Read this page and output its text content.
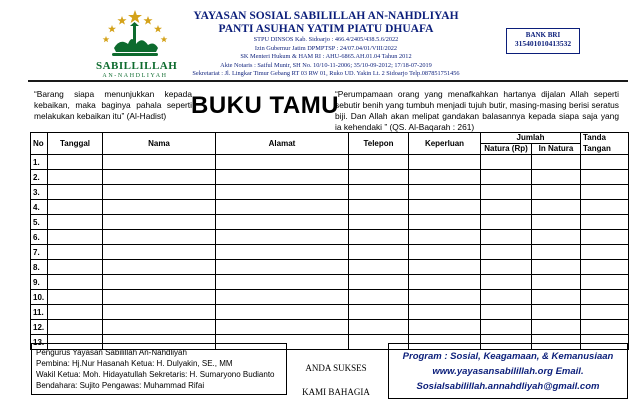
SABILLILLAH
AN-NAHDLIYAH
YAYASAN SOSIAL SABILILLAH AN-NAHDLIYAH
PANTI ASUHAN YATIM PIATU DHUAFA
STPU DINSOS Kab. Sidoarjo : 466.4/2405/438.5.6/2022
Izin Gubernur Jatim DPMPTSP : 24/07.04/01/VIII/2022
SK Menteri Hukum & HAM RI : AHU-6865.AH.01.04 Tahun 2012
Akte Notaris : Saiful Munir, SH No. 10/10-11-2006; 35/10-09-2012; 17/18-07-2019
Sekretariat : Jl. Lingkar Timur Gebang RT 03 RW 01, Ruko UD. Yakin Lt. 2 Sidoarjo Telp.087851751456
BANK BRI
315401010413532
“Barang siapa menunjukkan kepada kebaikan, maka baginya pahala seperti melakukan kebaikan itu” (Al-Hadist)	BUKU TAMU
“Perumpamaan orang yang menafkahkan hartanya dijalan Allah seperti sebutir benih yang tumbuh menjadi tujuh butir, masing-masing berisi seratus biji. Dan Allah akan melipat gandakan balasannya kepada siapa saja yang ia kehendaki ” (QS. Al-Baqarah : 261)
No	Tanggal	Nama	Alamat	Telepon	Keperluan	Jumlah		Tanda
						Natura (Rp)	In Natura	Tangan
1.								
2.								
3.								
4.								
5.								
6.								
7.								
8.								
9.								
10.								
11.								
12.								
13.								
Pengurus Yayasan Sabilillah An-Nahdliyah
Pembina: Hj.Nur Hasanah Ketua: H. Dulyakin, SE., MM
Wakil Ketua: Moh. Hidayatullah Sekretaris: H. Sumaryono Budianto
Bendahara: Sujito Pengawas: Muhammad Rifai
ANDA SUKSES
KAMI BAHAGIA
Program : Sosial, Keagamaan, & Kemanusiaan
www.yayasansabilillah.org Email.
Sosialsabilillah.annahdliyah@gmail.com
